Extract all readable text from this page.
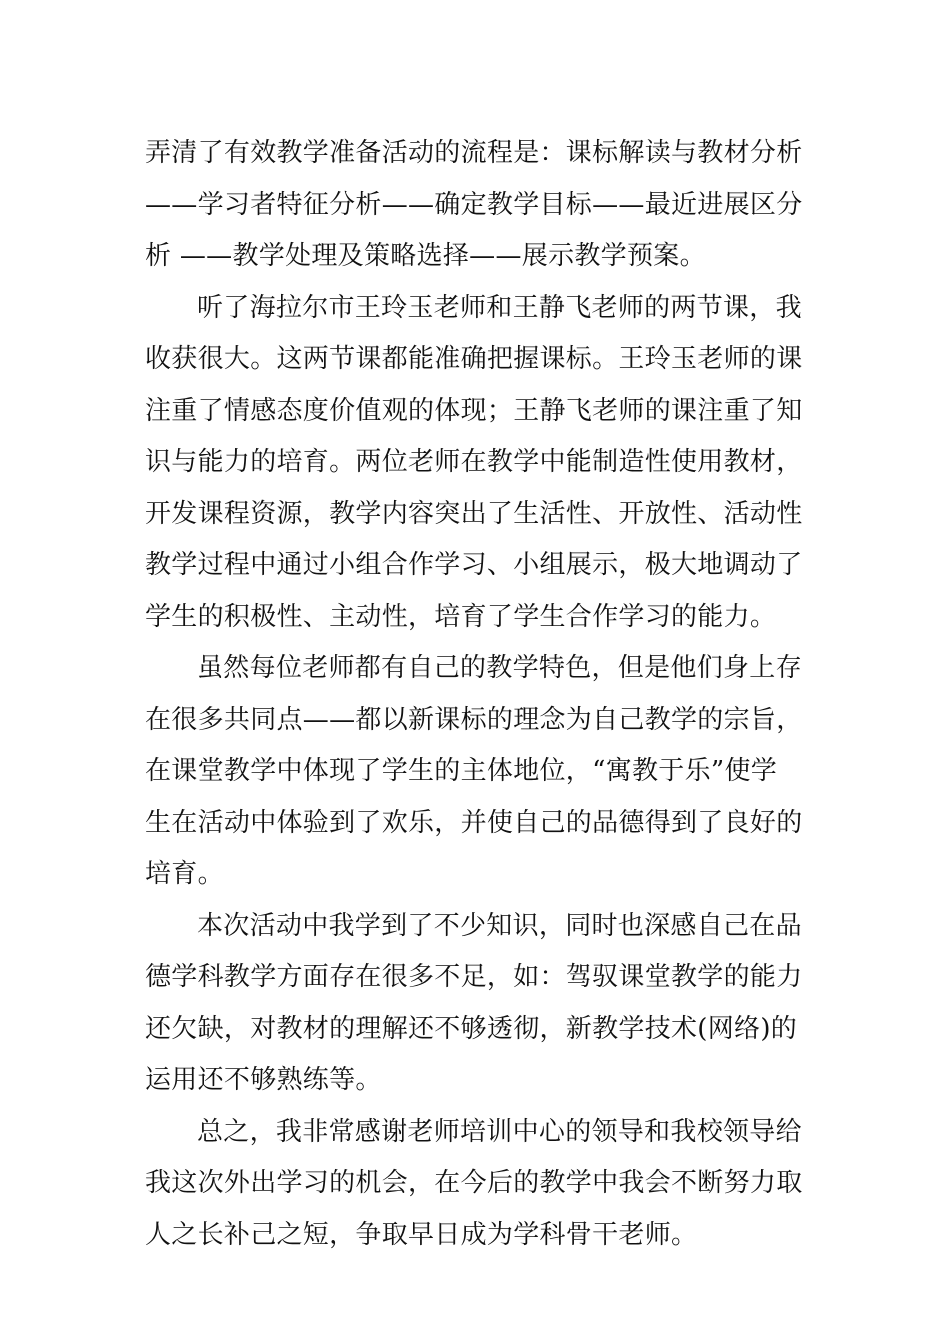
弄清了有效教学准备活动的流程是：课标解读与教材分析
——学习者特征分析——确定教学目标——最近进展区分
析 ——教学处理及策略选择——展示教学预案。

听了海拉尔市王玲玉老师和王静飞老师的两节课，我
收获很大。这两节课都能准确把握课标。王玲玉老师的课
注重了情感态度价值观的体现；王静飞老师的课注重了知
识与能力的培育。两位老师在教学中能制造性使用教材，
开发课程资源，教学内容突出了生活性、开放性、活动性
教学过程中通过小组合作学习、小组展示，极大地调动了
学生的积极性、主动性，培育了学生合作学习的能力。

虽然每位老师都有自己的教学特色，但是他们身上存
在很多共同点——都以新课标的理念为自己教学的宗旨，
在课堂教学中体现了学生的主体地位，“寓教于乐”使学
生在活动中体验到了欢乐，并使自己的品德得到了良好的
培育。

本次活动中我学到了不少知识，同时也深感自己在品
德学科教学方面存在很多不足，如：驾驭课堂教学的能力
还欠缺，对教材的理解还不够透彻，新教学技术(网络)的
运用还不够熟练等。

总之，我非常感谢老师培训中心的领导和我校领导给
我这次外出学习的机会，在今后的教学中我会不断努力取
人之长补己之短，争取早日成为学科骨干老师。
